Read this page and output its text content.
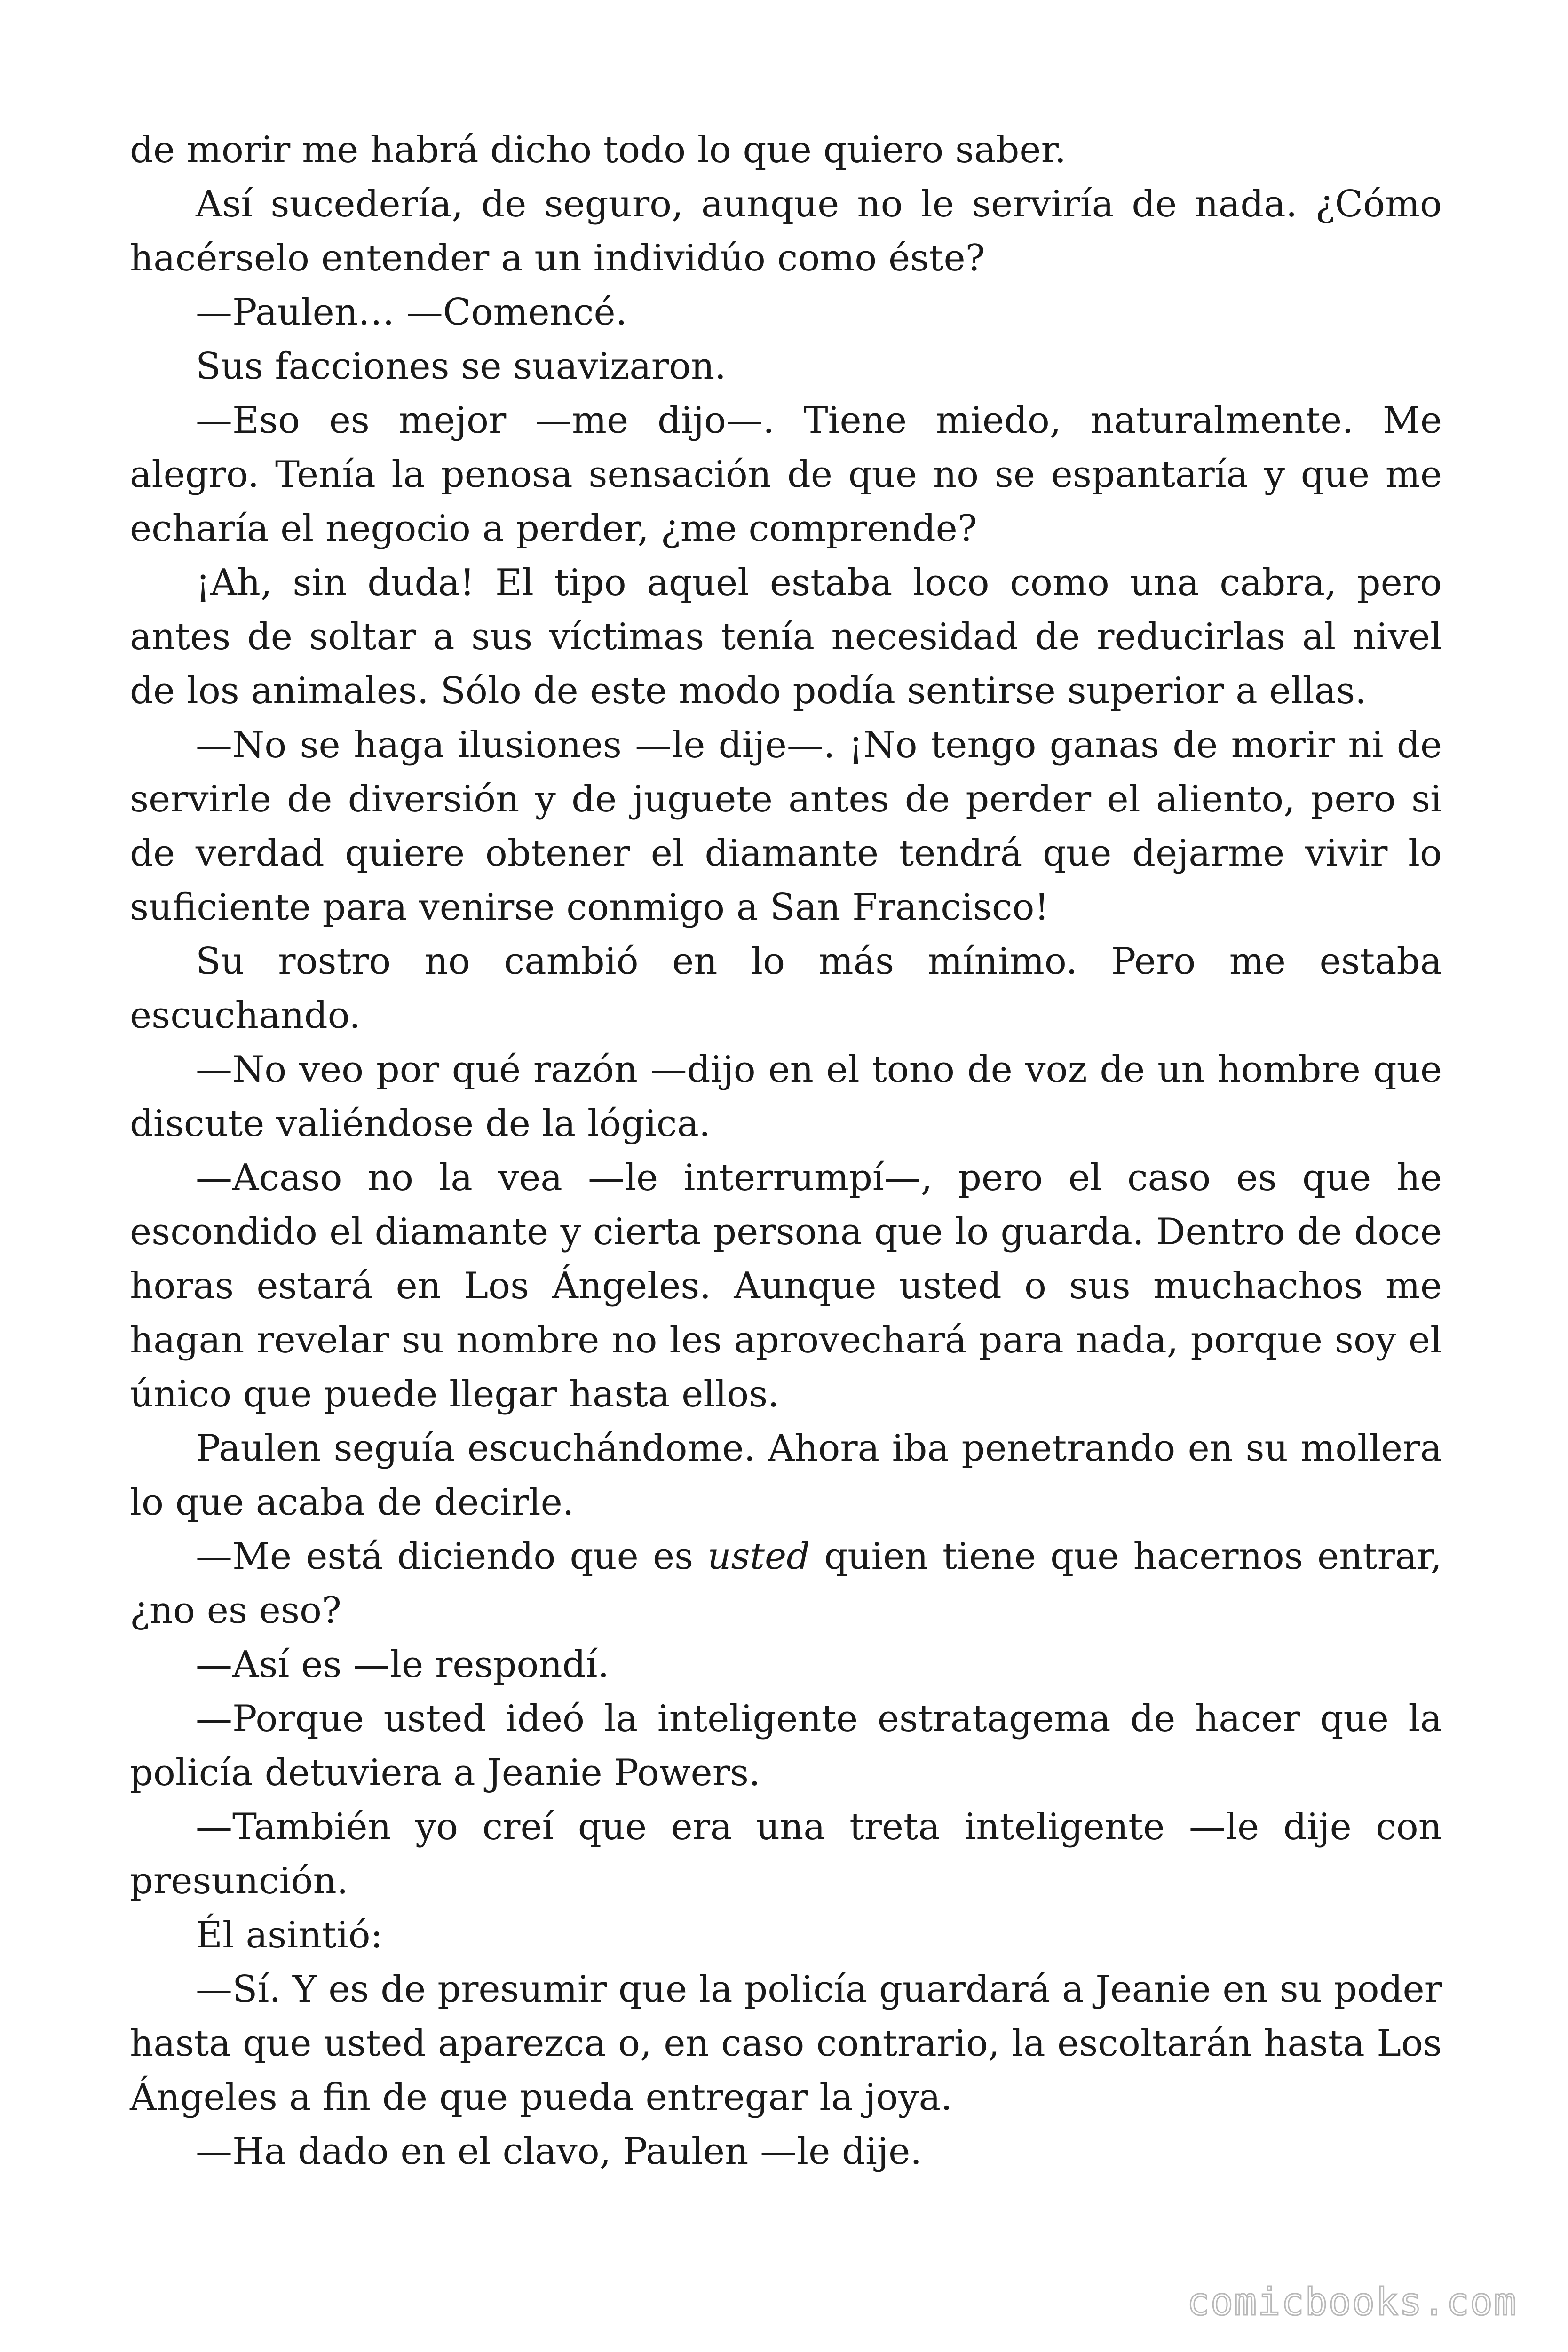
de morir me habrá dicho todo lo que quiero saber.

Así sucedería, de seguro, aunque no le serviría de nada. ¿Cómo hacérselo entender a un individúo como éste?

—Paulen… —Comencé.

Sus facciones se suavizaron.

—Eso es mejor —me dijo—. Tiene miedo, naturalmente. Me alegro. Tenía la penosa sensación de que no se espantaría y que me echaría el negocio a perder, ¿me comprende?

¡Ah, sin duda! El tipo aquel estaba loco como una cabra, pero antes de soltar a sus víctimas tenía necesidad de reducirlas al nivel de los animales. Sólo de este modo podía sentirse superior a ellas.

—No se haga ilusiones —le dije—. ¡No tengo ganas de morir ni de servirle de diversión y de juguete antes de perder el aliento, pero si de verdad quiere obtener el diamante tendrá que dejarme vivir lo suficiente para venirse conmigo a San Francisco!

Su rostro no cambió en lo más mínimo. Pero me estaba escuchando.

—No veo por qué razón —dijo en el tono de voz de un hombre que discute valiéndose de la lógica.

—Acaso no la vea —le interrumpí—, pero el caso es que he escondido el diamante y cierta persona que lo guarda. Dentro de doce horas estará en Los Ángeles. Aunque usted o sus muchachos me hagan revelar su nombre no les aprovechará para nada, porque soy el único que puede llegar hasta ellos.

Paulen seguía escuchándome. Ahora iba penetrando en su mollera lo que acaba de decirle.

—Me está diciendo que es usted quien tiene que hacernos entrar, ¿no es eso?

—Así es —le respondí.

—Porque usted ideó la inteligente estratagema de hacer que la policía detuviera a Jeanie Powers.

—También yo creí que era una treta inteligente —le dije con presunción.

Él asintió:

—Sí. Y es de presumir que la policía guardará a Jeanie en su poder hasta que usted aparezca o, en caso contrario, la escoltarán hasta Los Ángeles a fin de que pueda entregar la joya.

—Ha dado en el clavo, Paulen —le dije.

comicbooks.com
